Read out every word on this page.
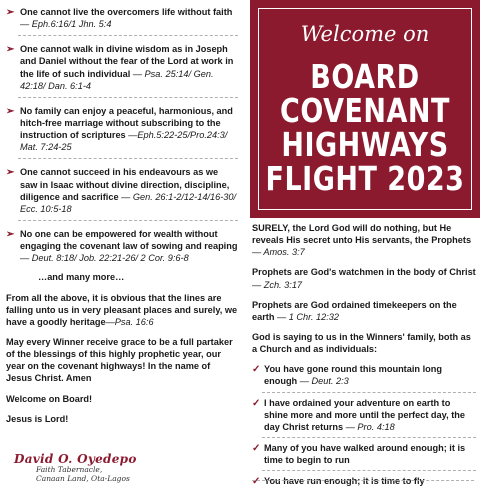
➢ One cannot live the overcomers life without faith — Eph.6:16/1 Jhn. 5:4
➢ One cannot walk in divine wisdom as in Joseph and Daniel without the fear of the Lord at work in the life of such individual — Psa. 25:14/ Gen. 42:18/ Dan. 6:1-4
➢ No family can enjoy a peaceful, harmonious, and hitch-free marriage without subscribing to the instruction of scriptures —Eph.5:22-25/Pro.24:3/ Mat. 7:24-25
➢ One cannot succeed in his endeavours as we saw in Isaac without divine direction, discipline, diligence and sacrifice — Gen. 26:1-2/12-14/16-30/ Ecc. 10:5-18
➢ No one can be empowered for wealth without engaging the covenant law of sowing and reaping — Deut. 8:18/ Job. 22:21-26/ 2 Cor. 9:6-8
…and many more…

From all the above, it is obvious that the lines are falling unto us in very pleasant places and surely, we have a goodly heritage—Psa. 16:6

May every Winner receive grace to be a full partaker of the blessings of this highly prophetic year, our year on the covenant highways! In the name of Jesus Christ. Amen

Welcome on Board!

Jesus is Lord!

David O. Oyedepo
Faith Tabernacle,
Canaan Land, Ota-Lagos
Welcome on
BOARD
COVENANT
HIGHWAYS
FLIGHT 2023

SURELY, the Lord God will do nothing, but He reveals His secret unto His servants, the Prophets — Amos. 3:7

Prophets are God's watchmen in the body of Christ — Zch. 3:17

Prophets are God ordained timekeepers on the earth — 1 Chr. 12:32

God is saying to us in the Winners' family, both as a Church and as individuals:

✓ You have gone round this mountain long enough — Deut. 2:3
✓ I have ordained your adventure on earth to shine more and more until the perfect day, the day Christ returns — Pro. 4:18
✓ Many of you have walked around enough; it is time to begin to run
✓ You have run enough; it is time to fly
